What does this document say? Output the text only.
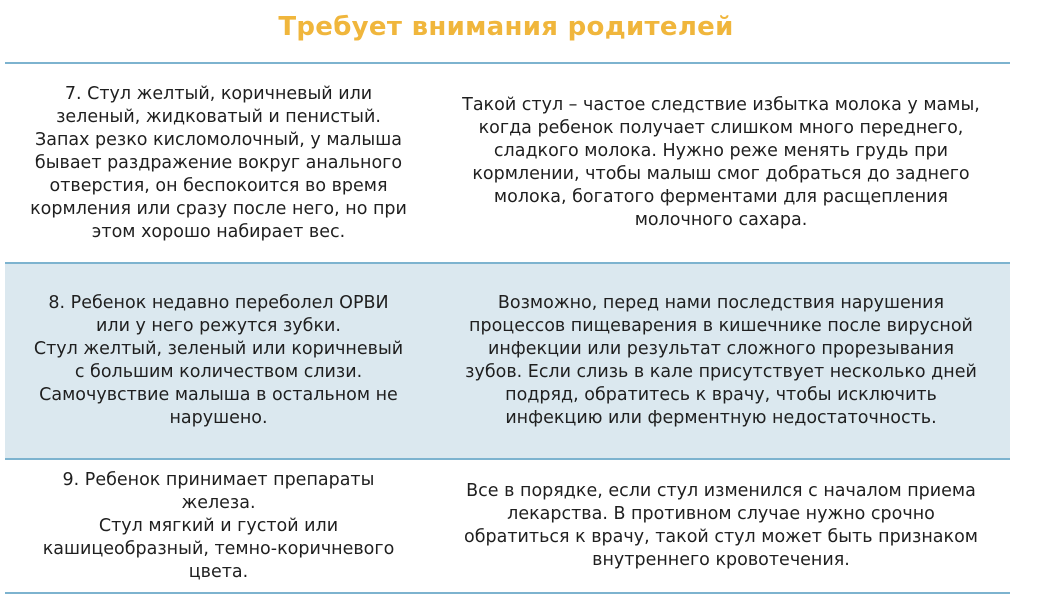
Требует внимания родителей
7. Стул желтый, коричневый или
зеленый, жидковатый и пенистый.
Запах резко кисломолочный, у малыша
бывает раздражение вокруг анального
отверстия, он беспокоится во время
кормления или сразу после него, но при
этом хорошо набирает вес.
Такой стул – частое следствие избытка молока у мамы,
когда ребенок получает слишком много переднего,
сладкого молока. Нужно реже менять грудь при
кормлении, чтобы малыш смог добраться до заднего
молока, богатого ферментами для расщепления
молочного сахара.
8. Ребенок недавно переболел ОРВИ
или у него режутся зубки.
Стул желтый, зеленый или коричневый
с большим количеством слизи.
Самочувствие малыша в остальном не
нарушено.
Возможно, перед нами последствия нарушения
процессов пищеварения в кишечнике после вирусной
инфекции или результат сложного прорезывания
зубов. Если слизь в кале присутствует несколько дней
подряд, обратитесь к врачу, чтобы исключить
инфекцию или ферментную недостаточность.
9. Ребенок принимает препараты
железа.
Стул мягкий и густой или
кашицеобразный, темно-коричневого
цвета.
Все в порядке, если стул изменился с началом приема
лекарства. В противном случае нужно срочно
обратиться к врачу, такой стул может быть признаком
внутреннего кровотечения.
